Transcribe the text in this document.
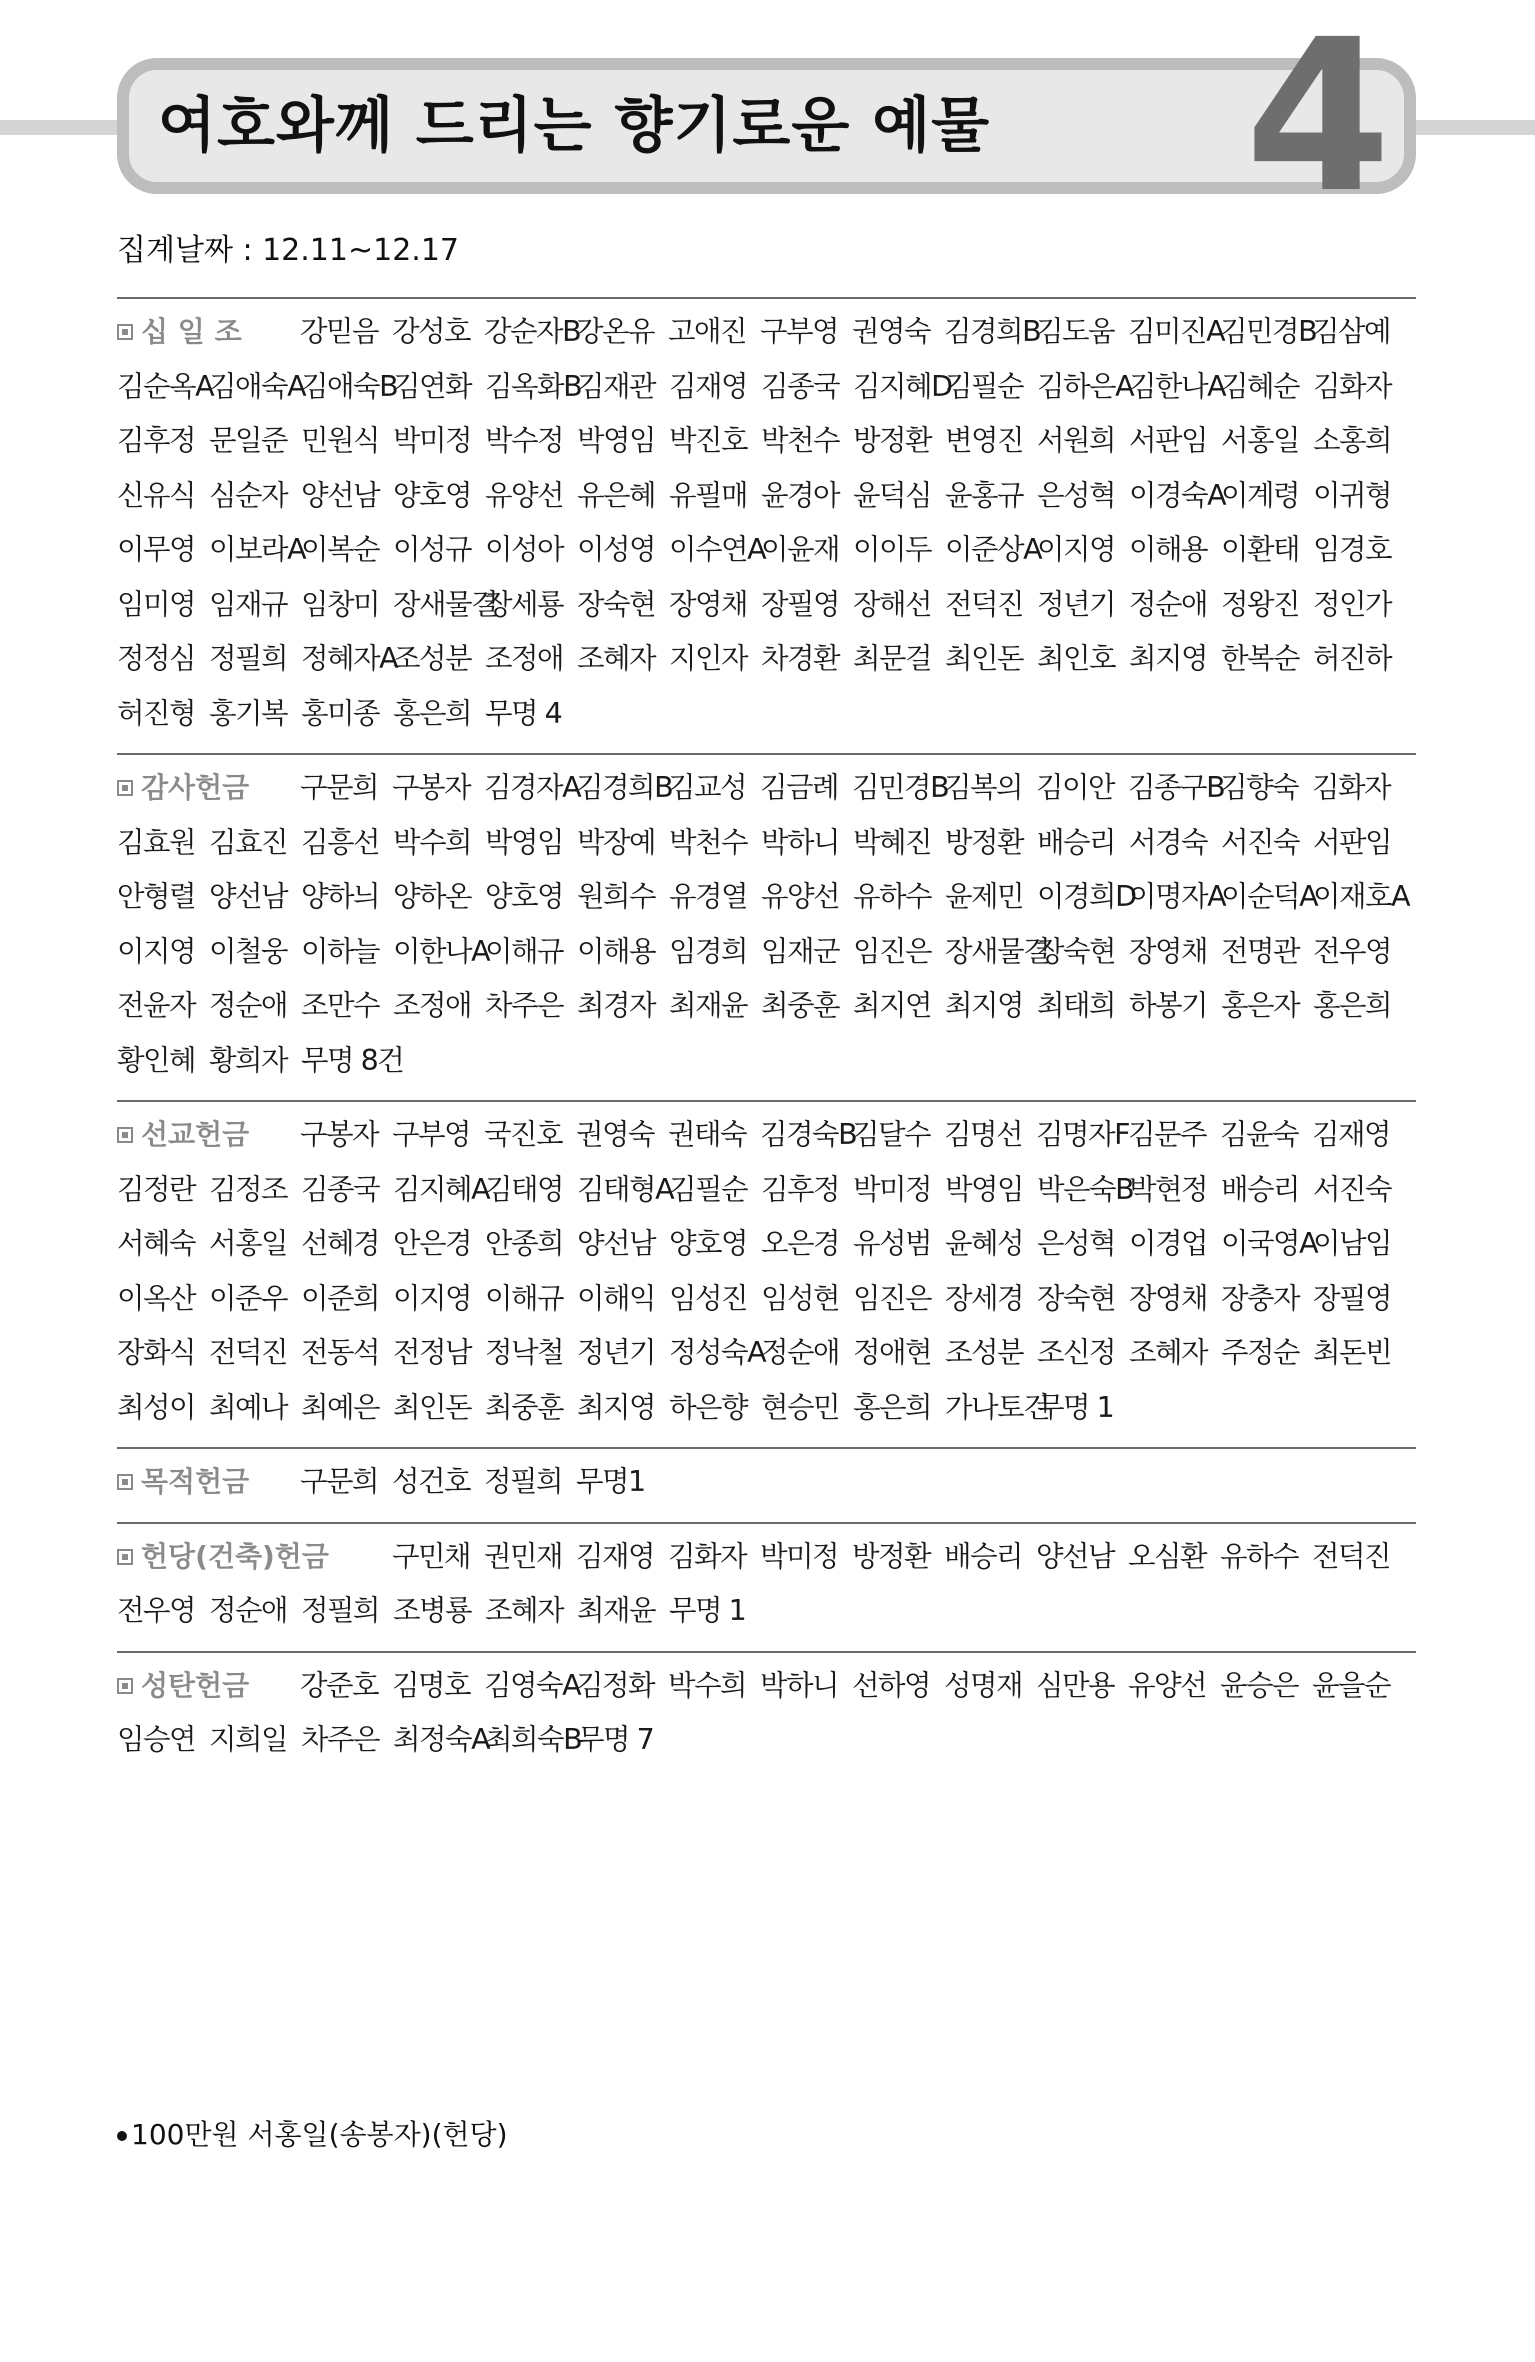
여호와께 드리는 향기로운 예물 4
집계날짜 : 12.11~12.17
십 일 조 강믿음 강성호 강순자B
강온유 고애진 구부영 권영숙 김경희B
김도움 김미진A
김민경B
김삼예
김순옥A
김애숙A
김애숙B
김연화 김옥화B
김재관 김재영 김종국 김지혜D
김필순 김하은A
김한나A
김혜순 김화자
김후정 문일준 민원식 박미정 박수정 박영임 박진호 박천수 방정환 변영진 서원희 서판임 서홍일 소홍희
신유식 심순자 양선남 양호영 유양선 유은혜 유필매 윤경아 윤덕심 윤홍규 은성혁 이경숙A
이계령 이귀형
이무영 이보라A
이복순 이성규 이성아 이성영 이수연A
이윤재 이이두 이준상A
이지영 이해용 이환태 임경호
임미영 임재규 임창미 장새물결
장세룡 장숙현 장영채 장필영 장해선 전덕진 정년기 정순애 정왕진 정인가
정정심 정필희 정혜자A
조성분 조정애 조혜자 지인자 차경환 최문걸 최인돈 최인호 최지영 한복순 허진하
허진형 홍기복 홍미종 홍은희 무명 4
감사헌금 구문희 구봉자 김경자A
김경희B
김교성 김금례 김민경B
김복의 김이안 김종구B
김향숙 김화자
김효원 김효진 김흥선 박수희 박영임 박장예 박천수 박하니 박혜진 방정환 배승리 서경숙 서진숙 서판임
안형렬 양선남 양하늬 양하온 양호영 원희수 유경열 유양선 유하수 윤제민 이경희D
이명자A
이순덕A
이재호A
이지영 이철웅 이하늘 이한나A
이해규 이해용 임경희 임재군 임진은 장새물결
장숙현 장영채 전명관 전우영
전윤자 정순애 조만수 조정애 차주은 최경자 최재윤 최중훈 최지연 최지영 최태희 하봉기 홍은자 홍은희
황인혜 황희자 무명 8건
선교헌금 구봉자 구부영 국진호 권영숙 권태숙 김경숙B
김달수 김명선 김명자F 김문주 김윤숙 김재영
김정란 김정조 김종국 김지혜A
김태영 김태형A
김필순 김후정 박미정 박영임 박은숙B
박현정 배승리 서진숙
서혜숙 서홍일 선혜경 안은경 안종희 양선남 양호영 오은경 유성범 윤혜성 은성혁 이경업 이국영A
이남임
이옥산 이준우 이준희 이지영 이해규 이해익 임성진 임성현 임진은 장세경 장숙현 장영채 장충자 장필영
장화식 전덕진 전동석 전정남 정낙철 정년기 정성숙A
정순애 정애현 조성분 조신정 조혜자 주정순 최돈빈
최성이 최예나 최예은 최인돈 최중훈 최지영 하은향 현승민 홍은희 가나토건
무명 1
목적헌금 구문희 성건호 정필희 무명1
헌당(건축)헌금 구민채 권민재 김재영 김화자 박미정 방정환 배승리 양선남 오심환 유하수 전덕진
전우영 정순애 정필희 조병룡 조혜자 최재윤 무명 1
성탄헌금 강준호 김명호 김영숙A
김정화 박수희 박하니 선하영 성명재 심만용 유양선 윤승은 윤을순
임승연 지희일 차주은 최정숙A
최희숙B
무명 7
100만원 서홍일(송봉자)(헌당)
